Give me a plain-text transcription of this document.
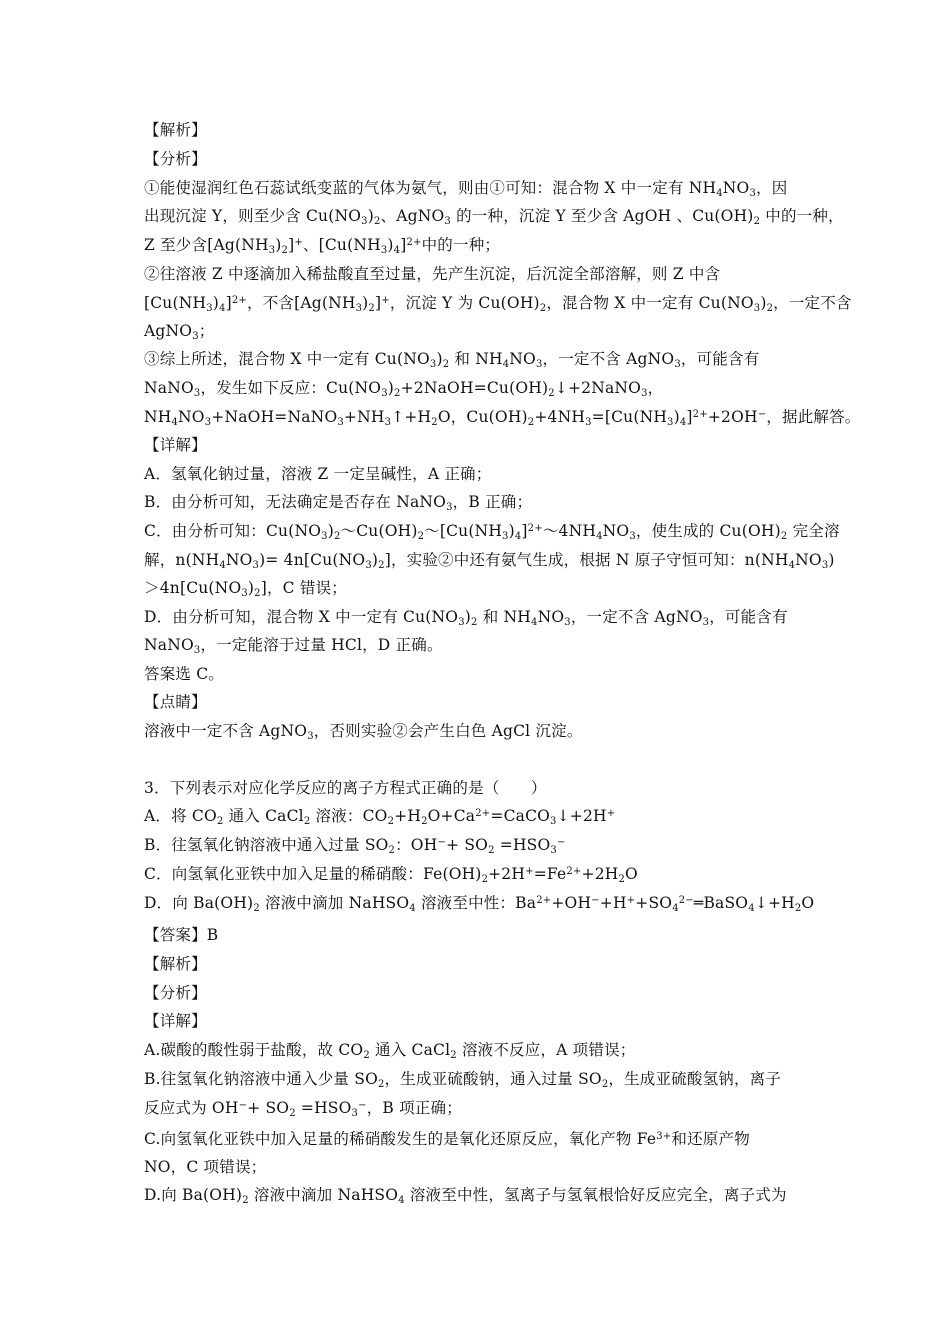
【解析】
【分析】
①能使湿润红色石蕊试纸变蓝的气体为氨气，则由①可知：混合物 X 中一定有 $NH_4NO_3$，因
出现沉淀 Y，则至少含 $Cu(NO_3)_2$、AgNO$_3$ 的一种，沉淀 Y 至少含 AgOH 、$Cu(OH)_2$ 中的一种，
Z 至少含$[Ag(NH_3)_2]^+$、$[Cu(NH_3)_4]^{2+}$中的一种；
②往溶液 Z 中逐滴加入稀盐酸直至过量，先产生沉淀，后沉淀全部溶解，则 Z 中含
$[Cu(NH_3)_4]^{2+}$，不含$[Ag(NH_3)_2]^+$，沉淀 Y 为 $Cu(OH)_2$，混合物 X 中一定有 $Cu(NO_3)_2$，一定不含
AgNO$_3$；
③综上所述，混合物 X 中一定有 $Cu(NO_3)_2$ 和 $NH_4NO_3$，一定不含 AgNO$_3$，可能含有
NaNO$_3$，发生如下反应：$Cu(NO_3)_2+2NaOH=Cu(OH)_2↓+2NaNO_3$，
$NH_4NO_3+NaOH=NaNO_3+NH_3↑+H_2O$，$Cu(OH)_2+4NH_3=[Cu(NH_3)_4]^{2+}+2OH^-$，据此解答。
【详解】
A．氢氧化钠过量，溶液 Z 一定呈碱性，A 正确；
B．由分析可知，无法确定是否存在 NaNO$_3$，B 正确；
C．由分析可知：$Cu(NO_3)_2\sim Cu(OH)_2\sim[Cu(NH_3)_4]^{2+}\sim 4NH_4NO_3$，使生成的 $Cu(OH)_2$ 完全溶
解，$n(NH_4NO_3)= 4n[Cu(NO_3)_2]$，实验②中还有氨气生成，根据 N 原子守恒可知：$n(NH_4NO_3)$
$>4n[Cu(NO_3)_2]$，C 错误；
D．由分析可知，混合物 X 中一定有 $Cu(NO_3)_2$ 和 $NH_4NO_3$，一定不含 AgNO$_3$，可能含有
NaNO$_3$，一定能溶于过量 HCl，D 正确。
答案选 C。
【点睛】
溶液中一定不含 AgNO$_3$，否则实验②会产生白色 AgCl 沉淀。
3．下列表示对应化学反应的离子方程式正确的是（　　）
A．将 $CO_2$ 通入 CaCl$_2$ 溶液：$CO_2+H_2O+Ca^{2+}=CaCO_3↓+2H^+$
B．往氢氧化钠溶液中通入过量 $SO_2$：$OH^-+ SO_2 =HSO_3^-$
C．向氢氧化亚铁中加入足量的稀硝酸：$Fe(OH)_2+2H^+=Fe^{2+}+2H_2O$
D．向 $Ba(OH)_2$ 溶液中滴加 NaHSO$_4$ 溶液至中性：$Ba^{2+}+OH^-+H^++SO_4^{2-}═BaSO_4↓+H_2O$
【答案】B
【解析】
【分析】
【详解】
A.碳酸的酸性弱于盐酸，故 $CO_2$ 通入 CaCl$_2$ 溶液不反应，A 项错误；
B.往氢氧化钠溶液中通入少量 $SO_2$，生成亚硫酸钠，通入过量 $SO_2$，生成亚硫酸氢钠，离子
反应式为 $OH^-+ SO_2 =HSO_3^-$，B 项正确；
C.向氢氧化亚铁中加入足量的稀硝酸发生的是氧化还原反应，氧化产物 $Fe^{3+}$和还原产物
NO，C 项错误；
D.向 $Ba(OH)_2$ 溶液中滴加 NaHSO$_4$ 溶液至中性，氢离子与氢氧根恰好反应完全，离子式为
